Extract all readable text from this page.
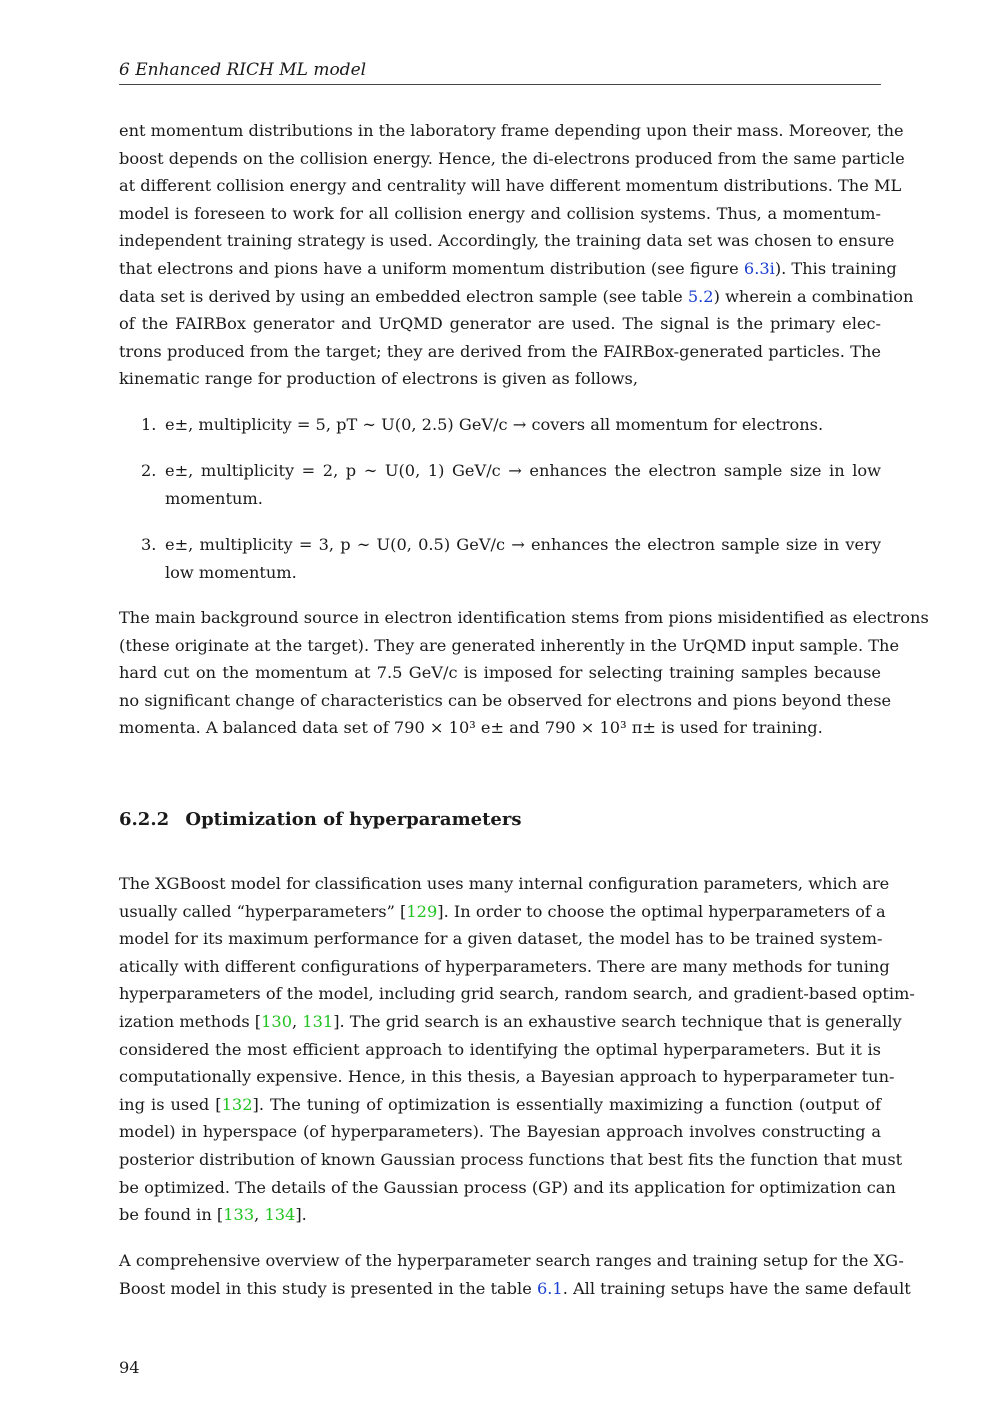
6 Enhanced RICH ML model
ent momentum distributions in the laboratory frame depending upon their mass. Moreover, the
boost depends on the collision energy. Hence, the di-electrons produced from the same particle
at different collision energy and centrality will have different momentum distributions. The ML
model is foreseen to work for all collision energy and collision systems. Thus, a momentum-
independent training strategy is used. Accordingly, the training data set was chosen to ensure
that electrons and pions have a uniform momentum distribution (see figure 6.3i). This training
data set is derived by using an embedded electron sample (see table 5.2) wherein a combination
of the FAIRBox generator and UrQMD generator are used. The signal is the primary elec-
trons produced from the target; they are derived from the FAIRBox-generated particles. The
kinematic range for production of electrons is given as follows,
1. e±, multiplicity = 5, pT ∼ U(0, 2.5) GeV/c → covers all momentum for electrons.
2. e±, multiplicity = 2, p ∼ U(0, 1) GeV/c → enhances the electron sample size in low
momentum.
3. e±, multiplicity = 3, p ∼ U(0, 0.5) GeV/c → enhances the electron sample size in very
low momentum.
The main background source in electron identification stems from pions misidentified as electrons
(these originate at the target). They are generated inherently in the UrQMD input sample. The
hard cut on the momentum at 7.5 GeV/c is imposed for selecting training samples because
no significant change of characteristics can be observed for electrons and pions beyond these
momenta. A balanced data set of 790 × 10³ e± and 790 × 10³ π± is used for training.
6.2.2 Optimization of hyperparameters
The XGBoost model for classification uses many internal configuration parameters, which are
usually called “hyperparameters” [129]. In order to choose the optimal hyperparameters of a
model for its maximum performance for a given dataset, the model has to be trained system-
atically with different configurations of hyperparameters. There are many methods for tuning
hyperparameters of the model, including grid search, random search, and gradient-based optim-
ization methods [130, 131]. The grid search is an exhaustive search technique that is generally
considered the most efficient approach to identifying the optimal hyperparameters. But it is
computationally expensive. Hence, in this thesis, a Bayesian approach to hyperparameter tun-
ing is used [132]. The tuning of optimization is essentially maximizing a function (output of
model) in hyperspace (of hyperparameters). The Bayesian approach involves constructing a
posterior distribution of known Gaussian process functions that best fits the function that must
be optimized. The details of the Gaussian process (GP) and its application for optimization can
be found in [133, 134].
A comprehensive overview of the hyperparameter search ranges and training setup for the XG-
Boost model in this study is presented in the table 6.1. All training setups have the same default
94
